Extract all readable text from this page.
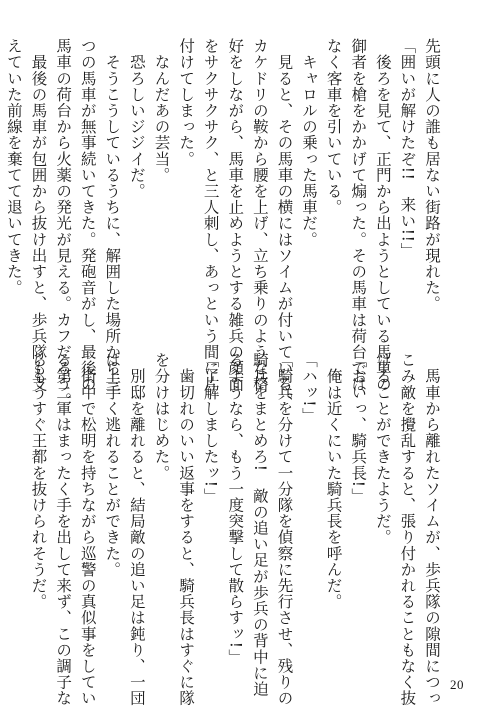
先頭に人の誰も居ない街路が現れた。

「囲いが解けたぞ!!　来い!!」

　後ろを見て、正門から出ようとしている馬車の

御者を槍をかかげて煽った。その馬車は荷台では

なく客車を引いている。

　キャロルの乗った馬車だ。

　見ると、その馬車の横にはソイムが付いている。

カケドリの鞍から腰を上げ、立ち乗りのような格

好をしながら、馬車を止めようとする雑兵の顔面

をサクサクサク、と三人刺し、あっという間に片

付けてしまった。

　なんだあの芸当。

　恐ろしいジジイだ。

　そうこうしているうちに、解囲した場所から三

つの馬車が無事続いてきた。発砲音がし、最後の

馬車の荷台から火薬の発光が見える。カフだろう。

　最後の馬車が包囲から抜け出すと、歩兵隊も支

えていた前線を棄てて退いてきた。

　馬車から離れたソイムが、歩兵隊の隙間につっ

こみ敵を攪乱すると、張り付かれることもなく抜

けることができたようだ。

「おいっ、騎兵長!」

　俺は近くにいた騎兵長を呼んだ。

「ハッ!」

「騎兵を分けて一分隊を偵察に先行させ、残りの

騎兵をまとめろ!　敵の追い足が歩兵の背中に迫

るようなら、もう一度突撃して散らすッ!」

「了解しましたッ!」

　歯切れのいい返事をすると、騎兵長はすぐに隊

を分けはじめた。

　別邸を離れると、結局敵の追い足は鈍り、一団

は上手く逃れることができた。

　街中で松明を持ちながら巡警の真似事をしてい

る第二軍はまったく手を出して来ず、この調子な

らもうすぐ王都を抜けられそうだ。

20
